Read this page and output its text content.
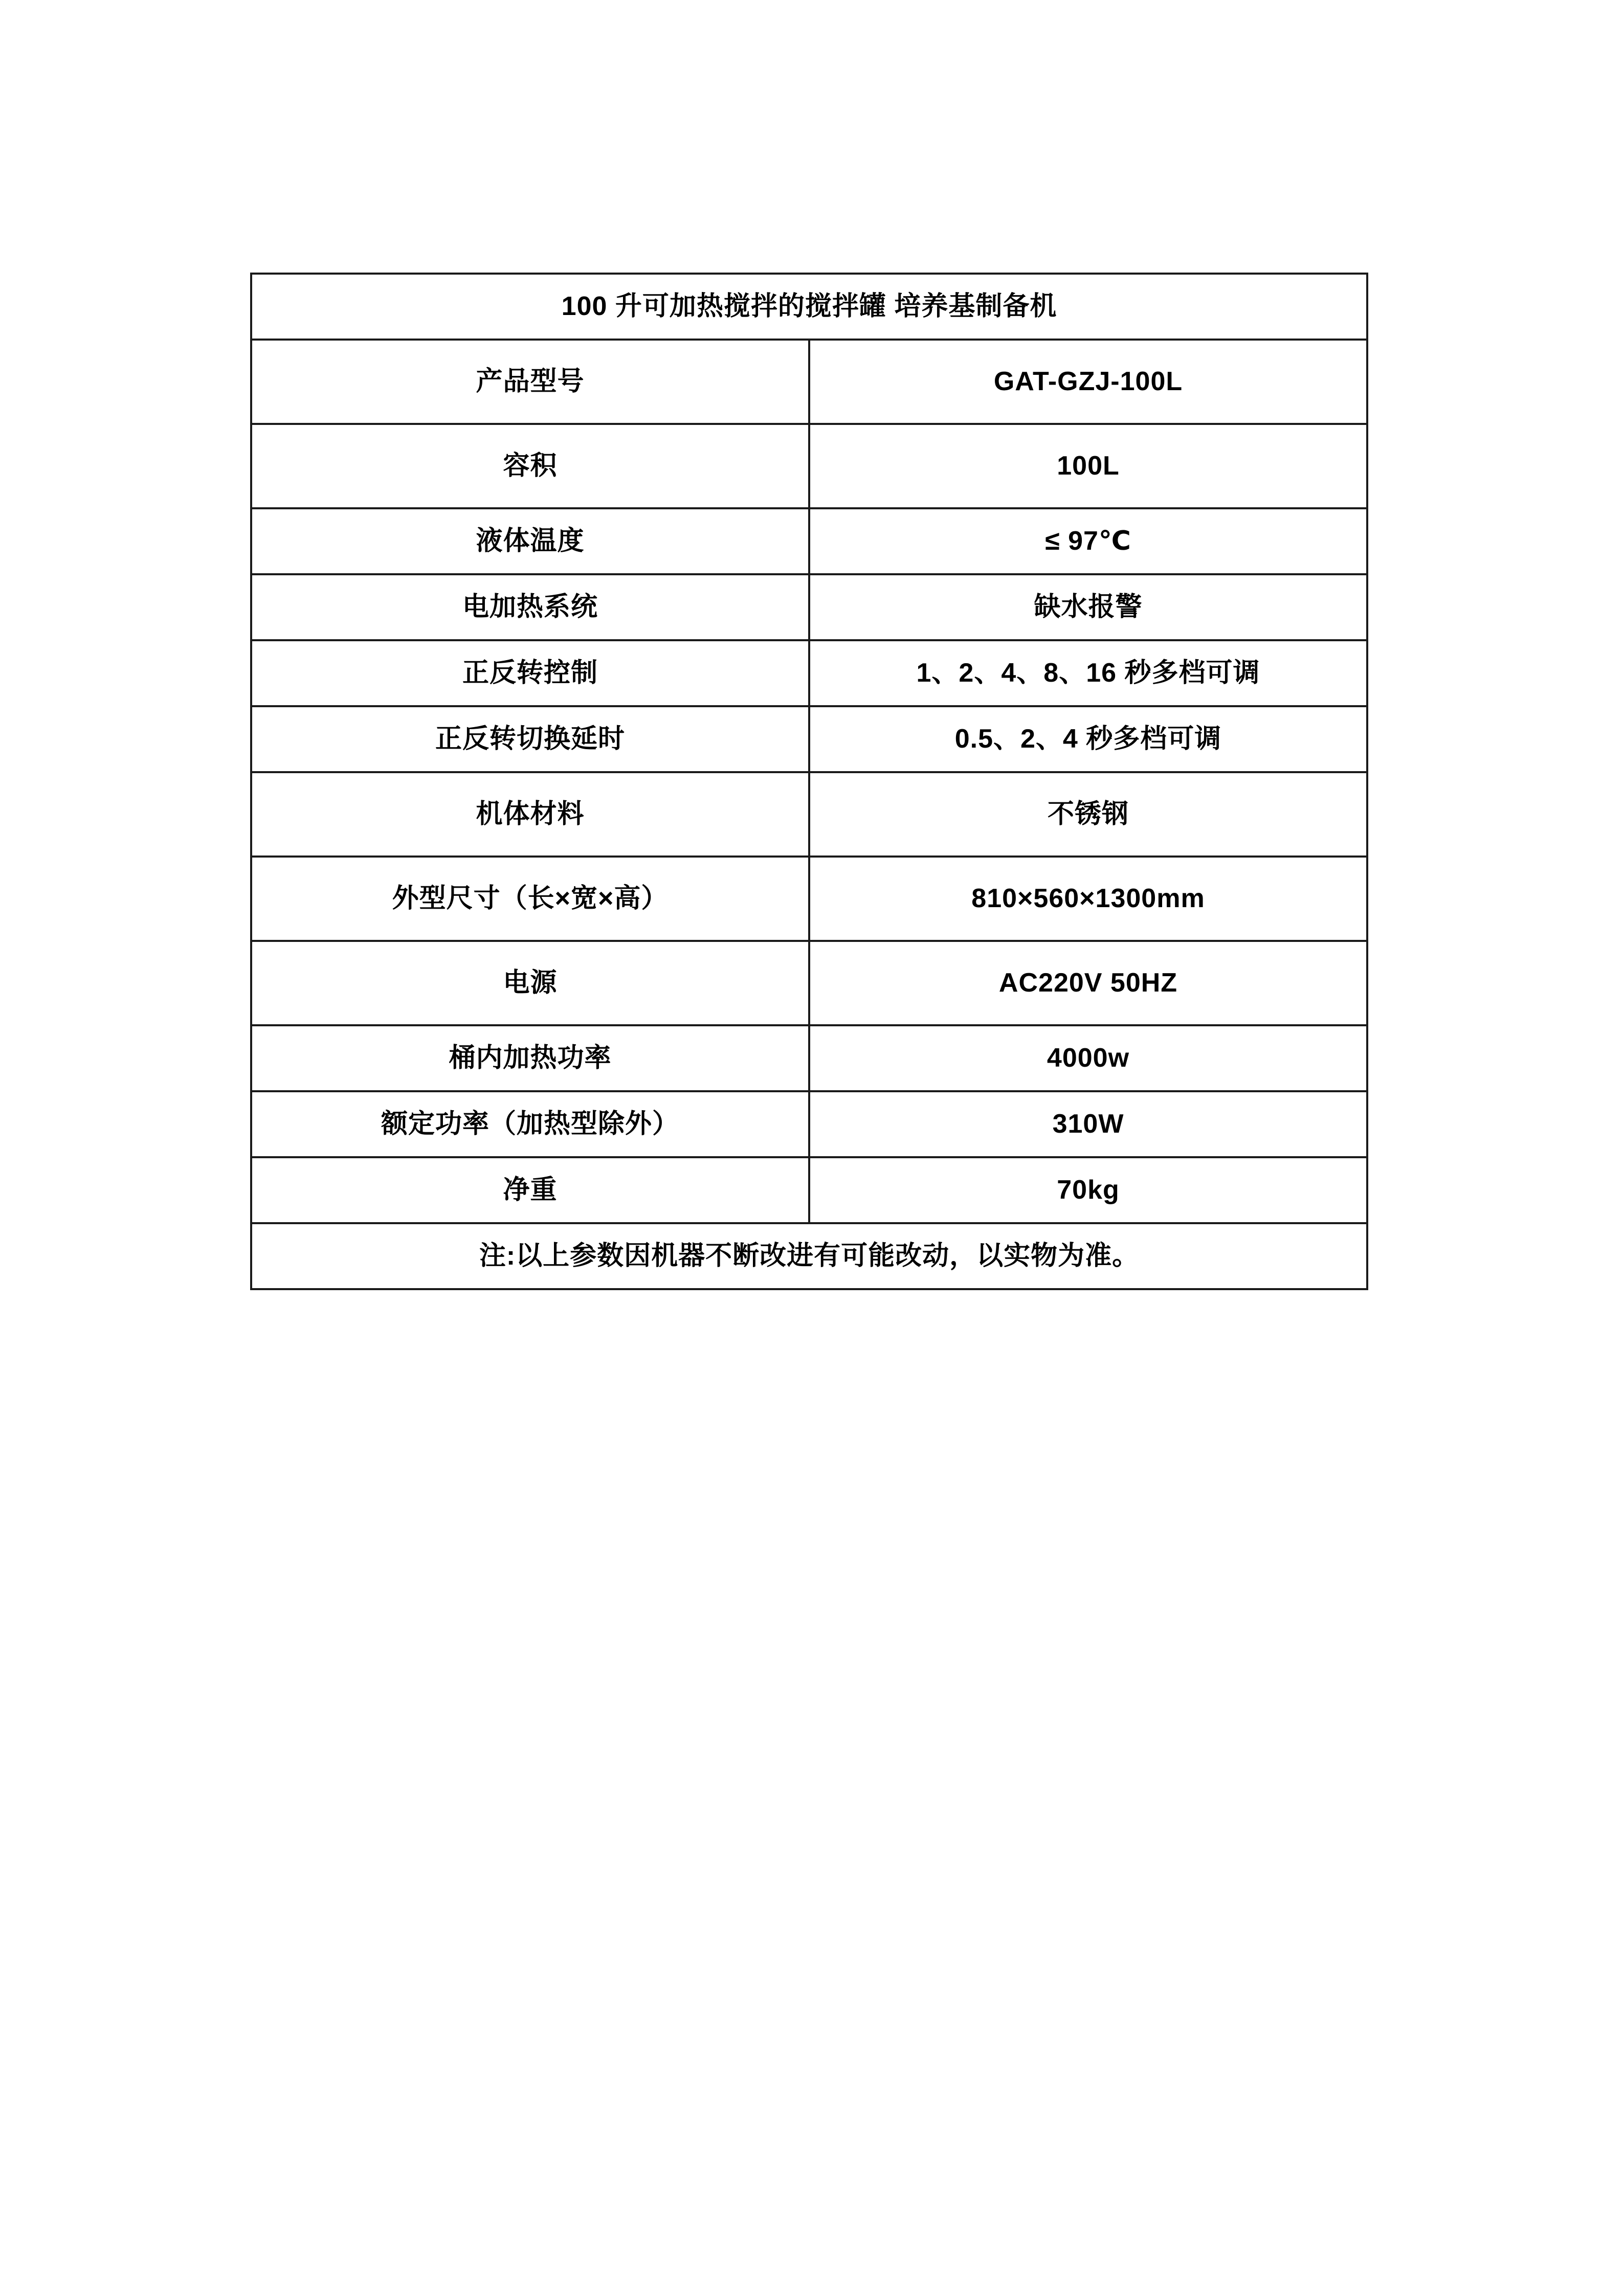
100 升可加热搅拌的搅拌罐 培养基制备机	
产品型号	GAT-GZJ-100L
容积	100L
液体温度	≤ 97℃
电加热系统	缺水报警
正反转控制	1、2、4、8、16 秒多档可调
正反转切换延时	0.5、2、4 秒多档可调
机体材料	不锈钢
外型尺寸（长×宽×高）	810×560×1300mm
电源	AC220V 50HZ
桶内加热功率	4000w
额定功率（加热型除外）	310W
净重	70kg
注:以上参数因机器不断改进有可能改动，以实物为准。	
